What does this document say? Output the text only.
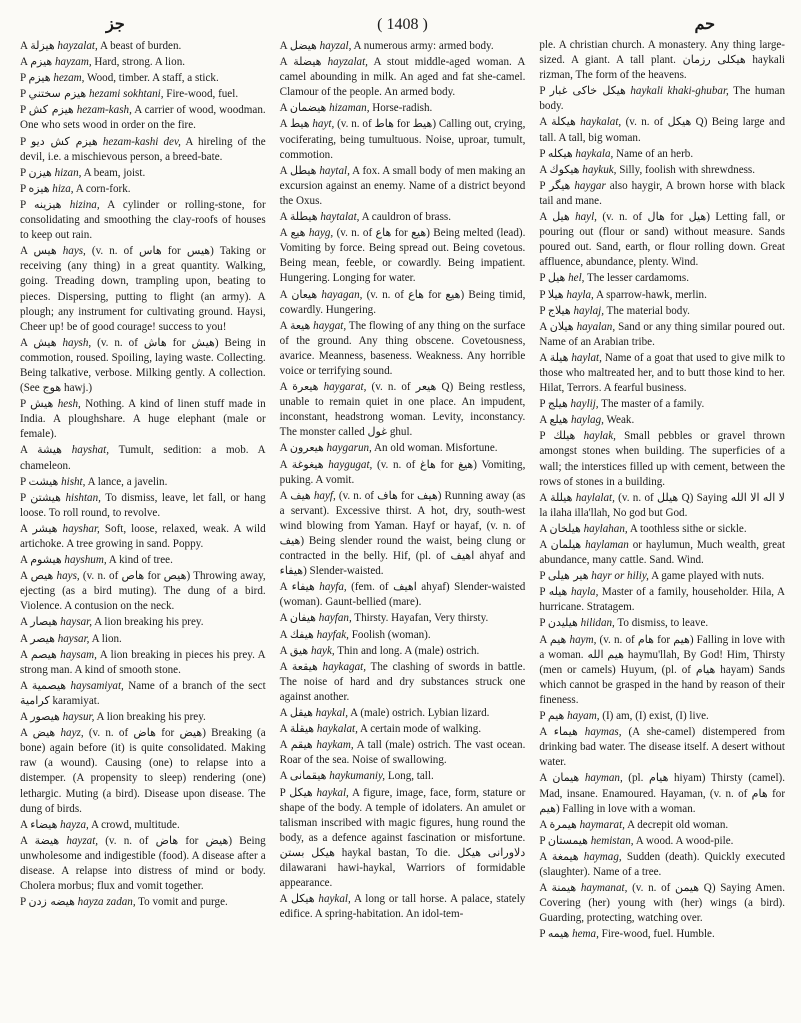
جز	( 1408 )	حم

A هيزلة hayzalat, A beast of burden.

A هيزم hayzam, Hard, strong. A lion.

P هيزم hezam, Wood, timber. A staff, a stick.

P هيزم سختني hezami sokhtani, Fire-wood, fuel.

P هيزم كش hezam-kash, A carrier of wood, woodman. One who sets wood in order on the fire.

P هيزم كش ديو hezam-kashi dev, A hireling of the devil, i.e. a mischievous person, a breed-bate.

P هيزن hizan, A beam, joist.

P هيزه hiza, A corn-fork.

P هيزينه hizina, A cylinder or rolling-stone, for consolidating and smoothing the clay-roofs of houses to keep out rain.

A هيس hays, (v. n. of هاس for هيس) Taking or receiving (any thing) in a great quantity. Walking, going. Treading down, trampling upon, beating to pieces. Dispersing, putting to flight (an army). A plough; any instrument for cultivating ground. Haysi, Cheer up! be of good courage! success to you!

A هيش haysh, (v. n. of هاش for هيش) Being in commotion, roused. Spoiling, laying waste. Collecting. Being talkative, verbose. Milking gently. A collection. (See هوج hawj.)

P هيش hesh, Nothing. A kind of linen stuff made in India. A ploughshare. A huge elephant (male or female).

A هيشة hayshat, Tumult, sedition: a mob. A chameleon.

P هيشت hisht, A lance, a javelin.

P هيشتن hishtan, To dismiss, leave, let fall, or hang loose. To roll round, to revolve.

A هيشر hayshar, Soft, loose, relaxed, weak. A wild artichoke. A tree growing in sand. Poppy.

A هيشوم hayshum, A kind of tree.

A هيص hays, (v. n. of هاص for هيص) Throwing away, ejecting (as a bird muting). The dung of a bird. Violence. A contusion on the neck.

A هيصار haysar, A lion breaking his prey.

A هيصر haysar, A lion.

A هيصم haysam, A lion breaking in pieces his prey. A strong man. A kind of smooth stone.

A هيصمية haysamiyat, Name of a branch of the sect كرامية karamiyat.

A هيصور haysur, A lion breaking his prey.

A هيض hayz, (v. n. of هاض for هيض) Breaking (a bone) again before (it) is quite consolidated. Making raw (a wound). Causing (one) to relapse into a distemper. (A propensity to sleep) rendering (one) lethargic. Muting (a bird). Disease upon disease. The dung of birds.

A هيضاء hayza, A crowd, multitude.

A هيضة hayzat, (v. n. of هاض for هيض) Being unwholesome and indigestible (food). A disease after a disease. A relapse into distress of mind or body. Cholera morbus; flux and vomit together.

P هيضه زدن hayza zadan, To vomit and purge.

A هيضل hayzal, A numerous army: armed body.

A هيضلة hayzalat, A stout middle-aged woman. A camel abounding in milk. An aged and fat she-camel. Clamour of the people. An armed body.

A هيضمان hizaman, Horse-radish.

A هيط hayt, (v. n. of هاط for هيط) Calling out, crying, vociferating, being tumultuous. Noise, uproar, tumult, commotion.

A هيطل haytal, A fox. A small body of men making an excursion against an enemy. Name of a district beyond the Oxus.

A هيطلة haytalat, A cauldron of brass.

A هيع hayg, (v. n. of هاع for هيع) Being melted (lead). Vomiting by force. Being spread out. Being covetous. Being mean, feeble, or cowardly. Being impatient. Hungering. Longing for water.

A هيعان hayagan, (v. n. of هاع for هيع) Being timid, cowardly. Hungering.

A هيعة haygat, The flowing of any thing on the surface of the ground. Any thing obscene. Covetousness, avarice. Meanness, baseness. Weakness. Any horrible voice or terrifying sound.

A هيعرة haygarat, (v. n. of هيعر Q) Being restless, unable to remain quiet in one place. An impudent, inconstant, headstrong woman. Levity, inconstancy. The monster called غول ghul.

A هيعرون haygarun, An old woman. Misfortune.

A هيغوغة haygugat, (v. n. of هاغ for هيغ) Vomiting, puking. A vomit.

A هيف hayf, (v. n. of هاف for هيف) Running away (as a servant). Excessive thirst. A hot, dry, south-west wind blowing from Yaman. Hayf or hayaf, (v. n. of هيف) Being slender round the waist, being clung or contracted in the belly. Hif, (pl. of اهيف ahyaf and هيفاء) Slender-waisted.

A هيفاء hayfa, (fem. of اهيف ahyaf) Slender-waisted (woman). Gaunt-bellied (mare).

A هيفان hayfan, Thirsty. Hayafan, Very thirsty.

A هيفك hayfak, Foolish (woman).

A هيق hayk, Thin and long. A (male) ostrich.

A هيقعة haykagat, The clashing of swords in battle. The noise of hard and dry substances struck one against another.

A هيقل haykal, A (male) ostrich. Lybian lizard.

A هيقلة haykalat, A certain mode of walking.

A هيقم haykam, A tall (male) ostrich. The vast ocean. Roar of the sea. Noise of swallowing.

A هيقمانى haykumaniy, Long, tall.

P هيكل haykal, A figure, image, face, form, stature or shape of the body. A temple of idolaters. An amulet or talisman inscribed with magic figures, hung round the body, as a defence against fascination or misfortune. هيكل بستن haykal bastan, To die. دلاورانى هيكل dilawarani hawi-haykal, Warriors of formidable appearance.

A هيكل haykal, A long or tall horse. A palace, stately edifice. A spring-habitation. An idol-tem-

ple. A christian church. A monastery. Any thing large-sized. A giant. A tall plant. هيكلى رزمان haykali rizman, The form of the heavens.

P هيكل خاكى غبار haykali khaki-ghubar, The human body.

A هيكلة haykalat, (v. n. of هيكل Q) Being large and tall. A tall, big woman.

P هيكله haykala, Name of an herb.

A هيكوك haykuk, Silly, foolish with shrewdness.

P هيگر haygar also haygir, A brown horse with black tail and mane.

A هيل hayl, (v. n. of هال for هيل) Letting fall, or pouring out (flour or sand) without measure. Sands poured out. Sand, earth, or flour rolling down. Great affluence, abundance, plenty. Wind.

P هيل hel, The lesser cardamoms.

P هيلا hayla, A sparrow-hawk, merlin.

P هيلاج haylaj, The material body.

A هيلان hayalan, Sand or any thing similar poured out. Name of an Arabian tribe.

A هيلة haylat, Name of a goat that used to give milk to those who maltreated her, and to butt those kind to her. Hilat, Terrors. A fearful business.

P هيلج haylij, The master of a family.

A هيلع haylag, Weak.

P هيلك haylak, Small pebbles or gravel thrown amongst stones when building. The superficies of a wall; the interstices filled up with cement, between the rows of stones in a building.

A هيللة haylalat, (v. n. of هيلل Q) Saying لا اله الا الله la ilaha illa'llah, No god but God.

A هيلخان haylahan, A toothless sithe or sickle.

A هيلمان haylaman or haylumun, Much wealth, great abundance, many cattle. Sand. Wind.

P هير هيلى hayr or hiliy, A game played with nuts.

P هيله hayla, Master of a family, householder. Hila, A hurricane. Stratagem.

P هيليدن hilidan, To dismiss, to leave.

A هيم haym, (v. n. of هام for هيم) Falling in love with a woman. هيم الله haymu'llah, By God! Him, Thirsty (men or camels) Huyum, (pl. of هيام hayam) Sands which cannot be grasped in the hand by reason of their fineness.

P هيم hayam, (I) am, (I) exist, (I) live.

A هيماء haymas, (A she-camel) distempered from drinking bad water. The disease itself. A desert without water.

A هيمان hayman, (pl. هيام hiyam) Thirsty (camel). Mad, insane. Enamoured. Hayaman, (v. n. of هام for هيم) Falling in love with a woman.

A هيمرة haymarat, A decrepit old woman.

P هيمستان hemistan, A wood. A wood-pile.

A هيمغة haymag, Sudden (death). Quickly executed (slaughter). Name of a tree.

A هيمنة haymanat, (v. n. of هيمن Q) Saying Amen. Covering (her) young with (her) wings (a bird). Guarding, protecting, watching over.

P هيمه hema, Fire-wood, fuel. Humble.
